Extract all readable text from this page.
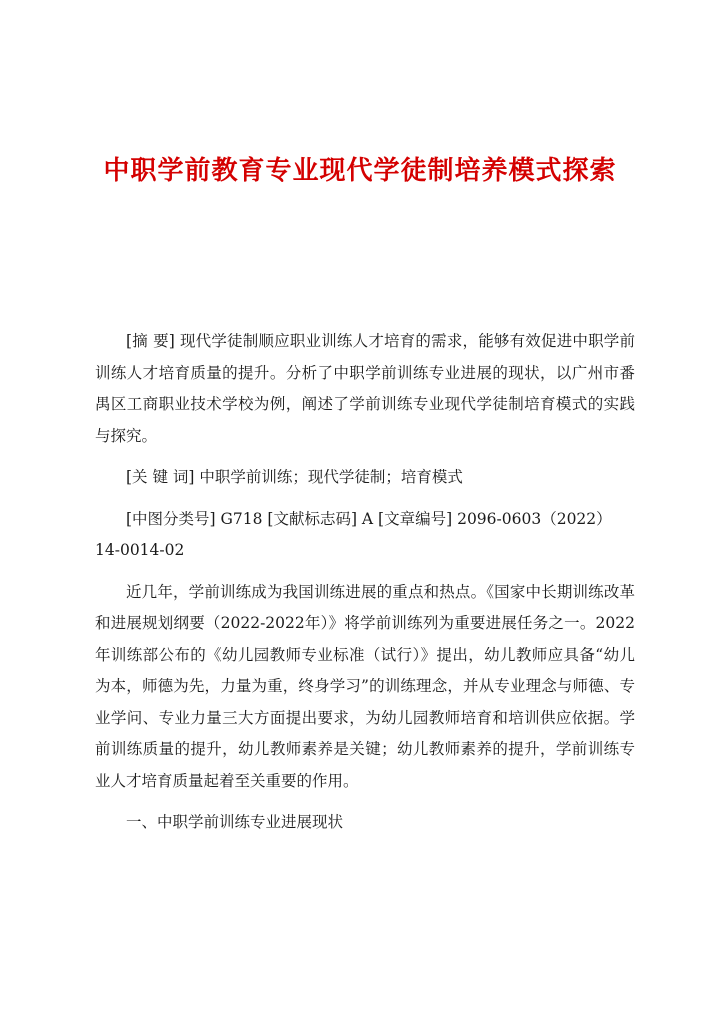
中职学前教育专业现代学徒制培养模式探索

[摘 要] 现代学徒制顺应职业训练人才培育的需求，能够有效促进中职学前训练人才培育质量的提升。分析了中职学前训练专业进展的现状，以广州市番禺区工商职业技术学校为例，阐述了学前训练专业现代学徒制培育模式的实践与探究。

[关 键 词] 中职学前训练；现代学徒制；培育模式

[中图分类号] G718 [文献标志码] A [文章编号] 2096-0603（2022）

14-0014-02

近几年，学前训练成为我国训练进展的重点和热点。《国家中长期训练改革和进展规划纲要（2022-2022年）》将学前训练列为重要进展任务之一。2022年训练部公布的《幼儿园教师专业标准（试行）》提出，幼儿教师应具备“幼儿为本，师德为先，力量为重，终身学习”的训练理念，并从专业理念与师德、专业学问、专业力量三大方面提出要求，为幼儿园教师培育和培训供应依据。学前训练质量的提升，幼儿教师素养是关键；幼儿教师素养的提升，学前训练专业人才培育质量起着至关重要的作用。

一、中职学前训练专业进展现状
